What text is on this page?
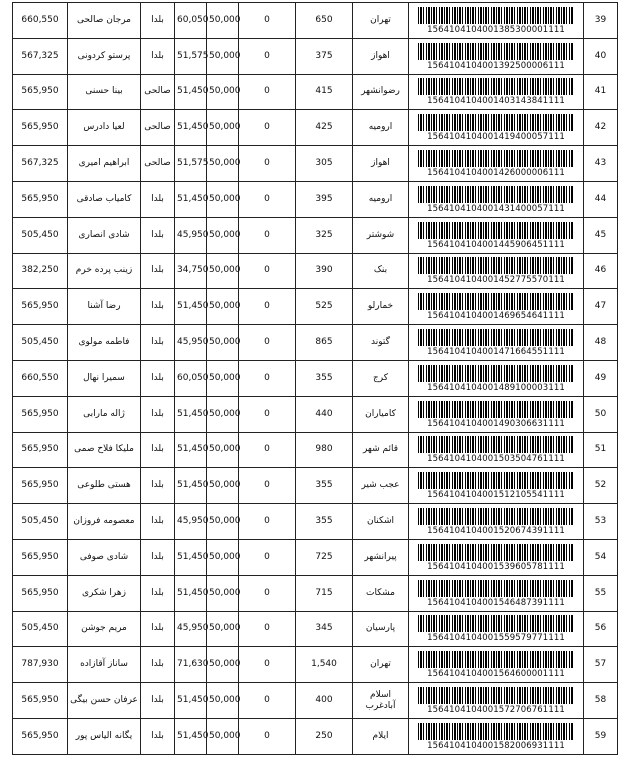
660,550	مرجان صالحی	بلدا	60,050	50,000	0	650	تهران	1564104104001385300001111	39
567,325	پرستو کردونی	بلدا	51,575	50,000	0	375	اهواز	1564104104001392500006111	40
565,950	بینا حسنی	صالحی	51,450	50,000	0	415	رضوانشهر	1564104104001403143841111	41
565,950	لعیا دادرس	صالحی	51,450	50,000	0	425	ارومیه	1564104104001419400057111	42
567,325	ابراهیم امیری	صالحی	51,575	50,000	0	305	اهواز	1564104104001426000006111	43
565,950	کامیاب صادقی	بلدا	51,450	50,000	0	395	ارومیه	1564104104001431400057111	44
505,450	شادی انصاری	بلدا	45,950	50,000	0	325	شوشتر	1564104104001445906451111	45
382,250	زینب پرده خرم	بلدا	34,750	50,000	0	390	بنک	1564104104001452775570111	46
565,950	رضا آشنا	بلدا	51,450	50,000	0	525	خمارلو	1564104104001469654641111	47
505,450	فاطمه مولوی	بلدا	45,950	50,000	0	865	گتوند	1564104104001471664551111	48
660,550	سمیرا نهال	بلدا	60,050	50,000	0	355	کرج	1564104104001489100003111	49
565,950	ژاله مارابی	بلدا	51,450	50,000	0	440	کامیاران	1564104104001490306631111	50
565,950	ملیکا فلاح صمی	بلدا	51,450	50,000	0	980	قائم شهر	1564104104001503504761111	51
565,950	هستی طلوعی	بلدا	51,450	50,000	0	355	عجب شیر	1564104104001512105541111	52
505,450	معصومه فروزان	بلدا	45,950	50,000	0	355	اشکنان	1564104104001520674391111	53
565,950	شادی صوفی	بلدا	51,450	50,000	0	725	پیرانشهر	1564104104001539605781111	54
565,950	زهرا شکری	بلدا	51,450	50,000	0	715	مشکات	1564104104001546487391111	55
505,450	مریم جوشن	بلدا	45,950	50,000	0	345	پارسیان	1564104104001559579771111	56
787,930	ساناز آقازاده	بلدا	71,630	50,000	0	1,540	تهران	1564104104001564600001111	57
565,950	عرفان حسن بیگی	بلدا	51,450	50,000	0	400	اسلام آبادغرب	1564104104001572706761111	58
565,950	یگانه الیاس پور	بلدا	51,450	50,000	0	250	ایلام	1564104104001582006931111	59
